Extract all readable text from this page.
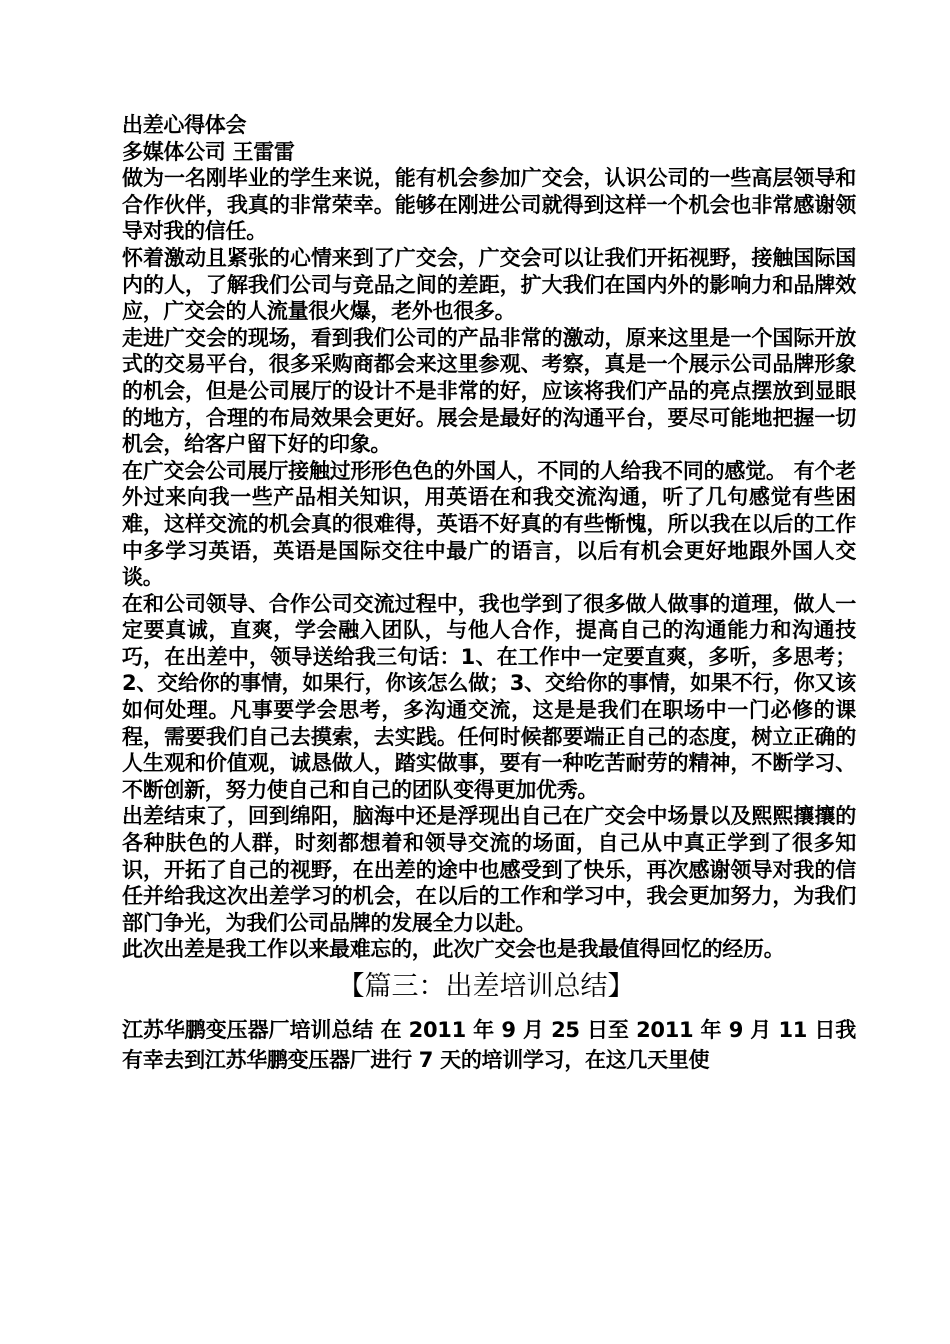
出差心得体会

多媒体公司 王雷雷

做为一名刚毕业的学生来说，能有机会参加广交会，认识公司的一些高层领导和合作伙伴，我真的非常荣幸。能够在刚进公司就得到这样一个机会也非常感谢领导对我的信任。

怀着激动且紧张的心情来到了广交会，广交会可以让我们开拓视野，接触国际国内的人，了解我们公司与竞品之间的差距，扩大我们在国内外的影响力和品牌效应，广交会的人流量很火爆，老外也很多。

走进广交会的现场，看到我们公司的产品非常的激动，原来这里是一个国际开放式的交易平台，很多采购商都会来这里参观、考察，真是一个展示公司品牌形象的机会，但是公司展厅的设计不是非常的好，应该将我们产品的亮点摆放到显眼的地方，合理的布局效果会更好。展会是最好的沟通平台，要尽可能地把握一切机会，给客户留下好的印象。

在广交会公司展厅接触过形形色色的外国人，不同的人给我不同的感觉。 有个老外过来向我一些产品相关知识，用英语在和我交流沟通，听了几句感觉有些困难，这样交流的机会真的很难得，英语不好真的有些惭愧，所以我在以后的工作中多学习英语，英语是国际交往中最广的语言，以后有机会更好地跟外国人交谈。

在和公司领导、合作公司交流过程中，我也学到了很多做人做事的道理，做人一定要真诚，直爽，学会融入团队，与他人合作，提高自己的沟通能力和沟通技巧，在出差中，领导送给我三句话：1、在工作中一定要直爽，多听，多思考；2、交给你的事情，如果行，你该怎么做；3、交给你的事情，如果不行，你又该如何处理。凡事要学会思考，多沟通交流，这是是我们在职场中一门必修的课程，需要我们自己去摸索，去实践。任何时候都要端正自己的态度，树立正确的人生观和价值观，诚恳做人，踏实做事，要有一种吃苦耐劳的精神，不断学习、不断创新，努力使自己和自己的团队变得更加优秀。

出差结束了，回到绵阳，脑海中还是浮现出自己在广交会中场景以及熙熙攘攘的各种肤色的人群，时刻都想着和领导交流的场面，自己从中真正学到了很多知识，开拓了自己的视野，在出差的途中也感受到了快乐，再次感谢领导对我的信任并给我这次出差学习的机会，在以后的工作和学习中，我会更加努力，为我们部门争光，为我们公司品牌的发展全力以赴。

此次出差是我工作以来最难忘的，此次广交会也是我最值得回忆的经历。

【篇三：出差培训总结】

江苏华鹏变压器厂培训总结 在 2011 年 9 月 25 日至 2011 年 9 月 11 日我有幸去到江苏华鹏变压器厂进行 7 天的培训学习，在这几天里使
